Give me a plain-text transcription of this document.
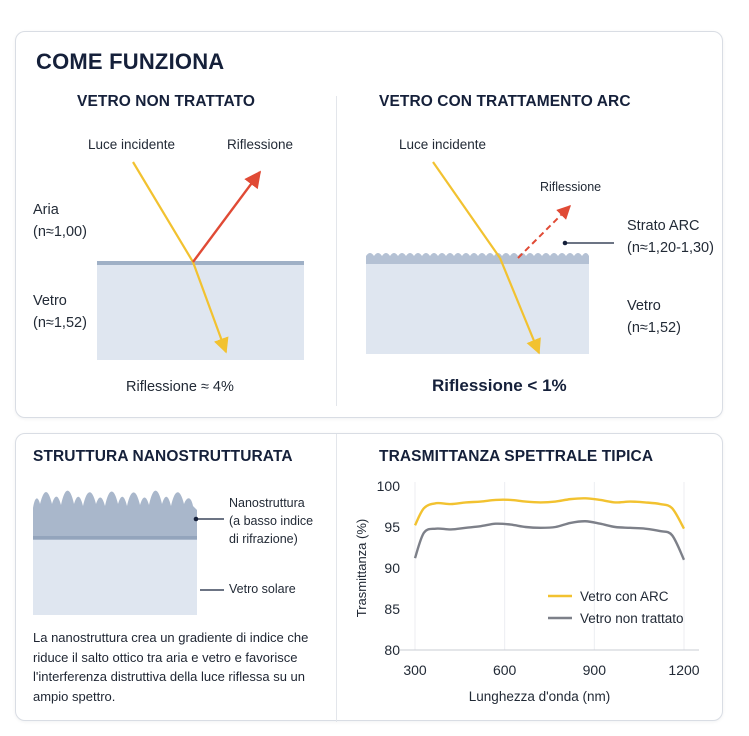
COME FUNZIONA
VETRO NON TRATTATO
Luce incidente	Riflessione
Aria
(n≈1,00)
Vetro
(n≈1,52)
Riflessione ≈ 4%
VETRO CON TRATTAMENTO ARC
Luce incidente
Riflessione
Strato ARC
(n≈1,20-1,30)
Vetro
(n≈1,52)
Riflessione < 1%
STRUTTURA NANOSTRUTTURATA
Nanostruttura
(a basso indice
di rifrazione)
Vetro solare
La nanostruttura crea un gradiente di indice che riduce il salto ottico tra aria e vetro e favorisce l'interferenza distruttiva della luce riflessa su un ampio spettro.
TRASMITTANZA SPETTRALE TIPICA
100
95
90
85
80
300	600	900	1200
Lunghezza d'onda (nm)
Trasmittanza (%)	Vetro con ARC
Vetro non trattato
